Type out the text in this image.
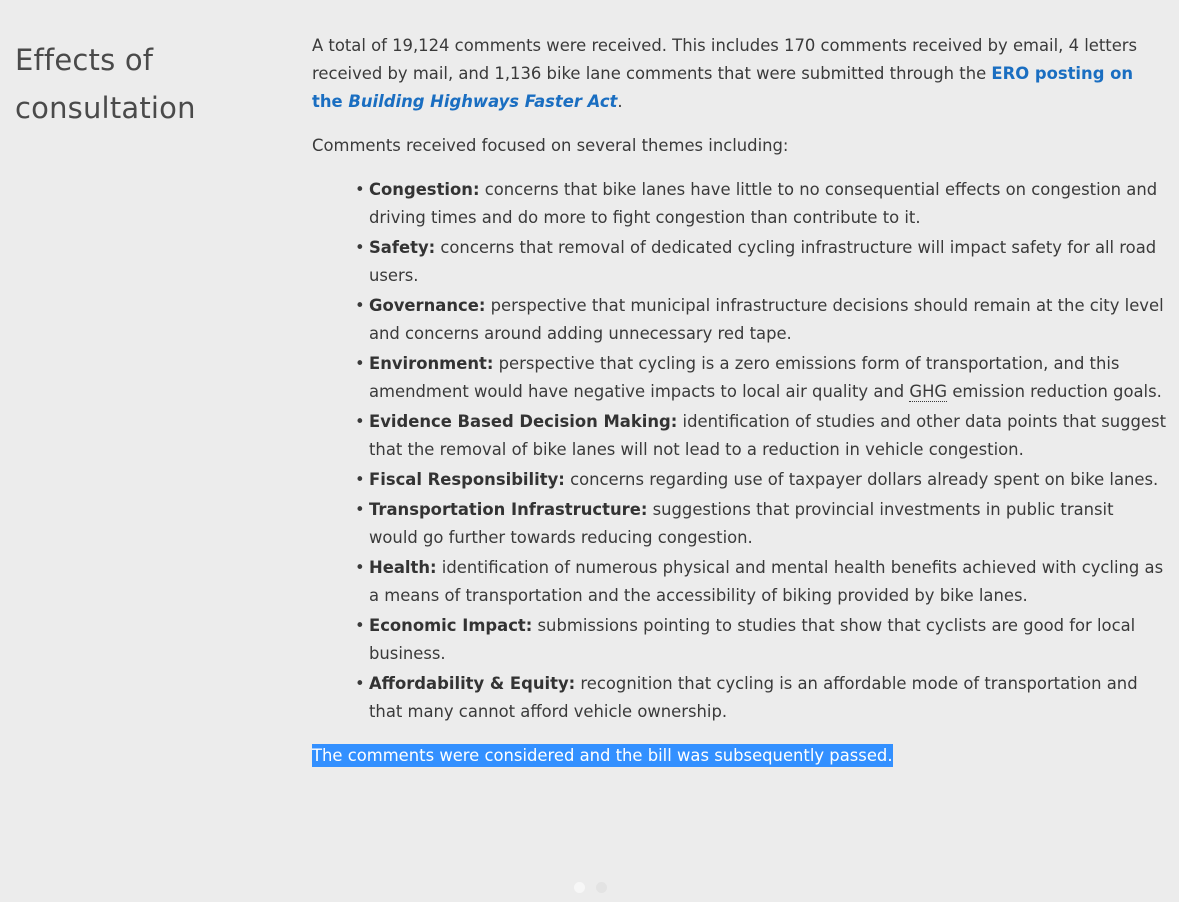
Effects of
consultation

A total of 19,124 comments were received. This includes 170 comments received by email, 4 letters received by mail, and 1,136 bike lane comments that were submitted through the ERO posting on the Building Highways Faster Act.

Comments received focused on several themes including:

• Congestion: concerns that bike lanes have little to no consequential effects on congestion and driving times and do more to fight congestion than contribute to it.
• Safety: concerns that removal of dedicated cycling infrastructure will impact safety for all road users.
• Governance: perspective that municipal infrastructure decisions should remain at the city level and concerns around adding unnecessary red tape.
• Environment: perspective that cycling is a zero emissions form of transportation, and this amendment would have negative impacts to local air quality and GHG emission reduction goals.
• Evidence Based Decision Making: identification of studies and other data points that suggest that the removal of bike lanes will not lead to a reduction in vehicle congestion.
• Fiscal Responsibility: concerns regarding use of taxpayer dollars already spent on bike lanes.
• Transportation Infrastructure: suggestions that provincial investments in public transit would go further towards reducing congestion.
• Health: identification of numerous physical and mental health benefits achieved with cycling as a means of transportation and the accessibility of biking provided by bike lanes.
• Economic Impact: submissions pointing to studies that show that cyclists are good for local business.
• Affordability & Equity: recognition that cycling is an affordable mode of transportation and that many cannot afford vehicle ownership.

The comments were considered and the bill was subsequently passed.
